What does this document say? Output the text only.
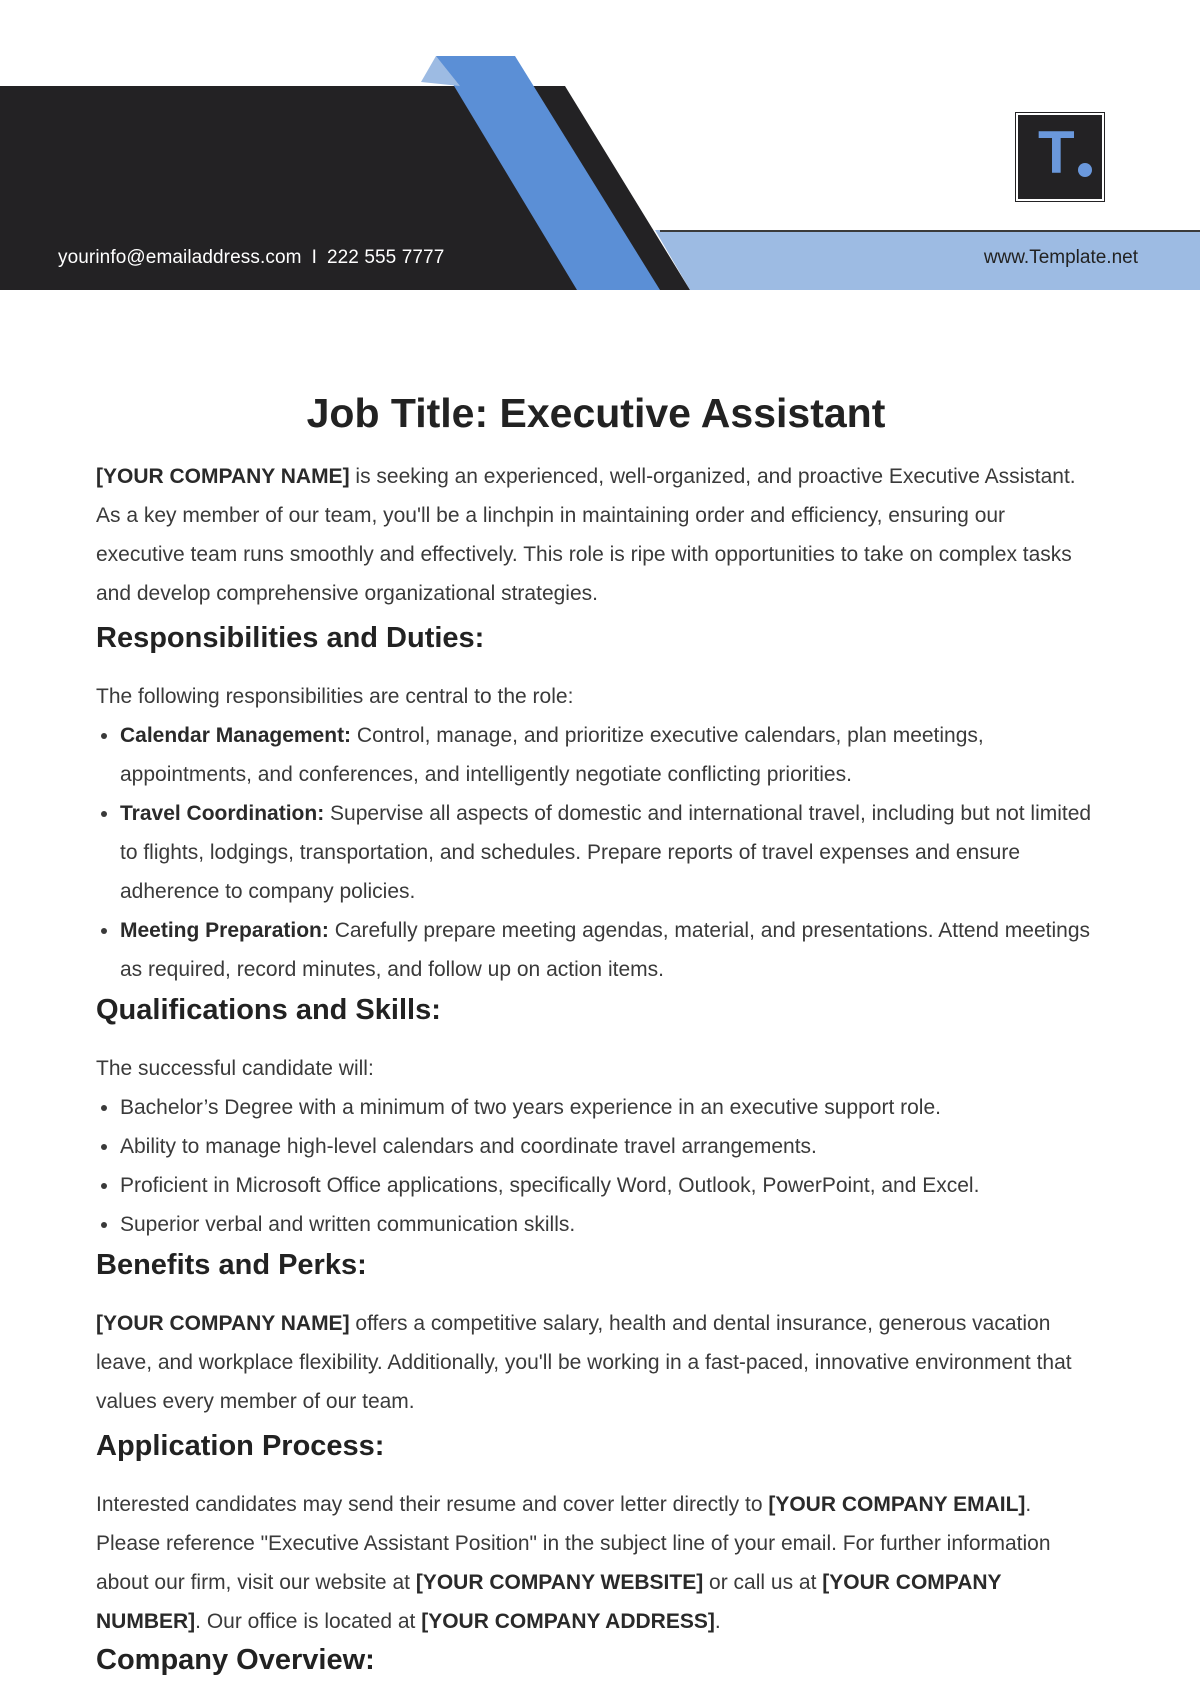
yourinfo@emailaddress.com I 222 555 7777	www.Template.net
T
Job Title: Executive Assistant

[YOUR COMPANY NAME] is seeking an experienced, well-organized, and proactive Executive Assistant. As a key member of our team, you'll be a linchpin in maintaining order and efficiency, ensuring our executive team runs smoothly and effectively. This role is ripe with opportunities to take on complex tasks and develop comprehensive organizational strategies.

Responsibilities and Duties:

The following responsibilities are central to the role:

• Calendar Management: Control, manage, and prioritize executive calendars, plan meetings, appointments, and conferences, and intelligently negotiate conflicting priorities.
• Travel Coordination: Supervise all aspects of domestic and international travel, including but not limited to flights, lodgings, transportation, and schedules. Prepare reports of travel expenses and ensure adherence to company policies.
• Meeting Preparation: Carefully prepare meeting agendas, material, and presentations. Attend meetings as required, record minutes, and follow up on action items.
Qualifications and Skills:

The successful candidate will:

• Bachelor’s Degree with a minimum of two years experience in an executive support role.
• Ability to manage high-level calendars and coordinate travel arrangements.
• Proficient in Microsoft Office applications, specifically Word, Outlook, PowerPoint, and Excel.
• Superior verbal and written communication skills.
Benefits and Perks:

[YOUR COMPANY NAME] offers a competitive salary, health and dental insurance, generous vacation leave, and workplace flexibility. Additionally, you'll be working in a fast-paced, innovative environment that values every member of our team.

Application Process:

Interested candidates may send their resume and cover letter directly to [YOUR COMPANY EMAIL]. Please reference "Executive Assistant Position" in the subject line of your email. For further information about our firm, visit our website at [YOUR COMPANY WEBSITE] or call us at [YOUR COMPANY NUMBER]. Our office is located at [YOUR COMPANY ADDRESS].

Company Overview:
